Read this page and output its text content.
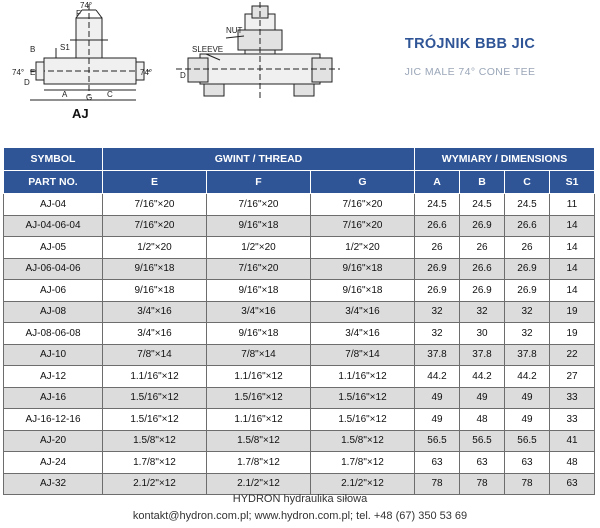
74°
F
B	S1
74° E
D
74°
C
A G
NUT
SLEEVE
D
AJ
TRÓJNIK BBB JIC
JIC MALE 74° CONE TEE
SYMBOL	GWINT / THREAD			WYMIARY / DIMENSIONS			
PART NO.	E	F	G	A	B	C	S1
AJ-04	7/16"×20	7/16"×20	7/16"×20	24.5	24.5	24.5	11
AJ-04-06-04	7/16"×20	9/16"×18	7/16"×20	26.6	26.9	26.6	14
AJ-05	1/2"×20	1/2"×20	1/2"×20	26	26	26	14
AJ-06-04-06	9/16"×18	7/16"×20	9/16"×18	26.9	26.6	26.9	14
AJ-06	9/16"×18	9/16"×18	9/16"×18	26.9	26.9	26.9	14
AJ-08	3/4"×16	3/4"×16	3/4"×16	32	32	32	19
AJ-08-06-08	3/4"×16	9/16"×18	3/4"×16	32	30	32	19
AJ-10	7/8"×14	7/8"×14	7/8"×14	37.8	37.8	37.8	22
AJ-12	1.1/16"×12	1.1/16"×12	1.1/16"×12	44.2	44.2	44.2	27
AJ-16	1.5/16"×12	1.5/16"×12	1.5/16"×12	49	49	49	33
AJ-16-12-16	1.5/16"×12	1.1/16"×12	1.5/16"×12	49	48	49	33
AJ-20	1.5/8"×12	1.5/8"×12	1.5/8"×12	56.5	56.5	56.5	41
AJ-24	1.7/8"×12	1.7/8"×12	1.7/8"×12	63	63	63	48
AJ-32	2.1/2"×12	2.1/2"×12	2.1/2"×12	78	78	78	63
HYDRON hydraulika siłowa
kontakt@hydron.com.pl; www.hydron.com.pl; tel. +48 (67) 350 53 69
